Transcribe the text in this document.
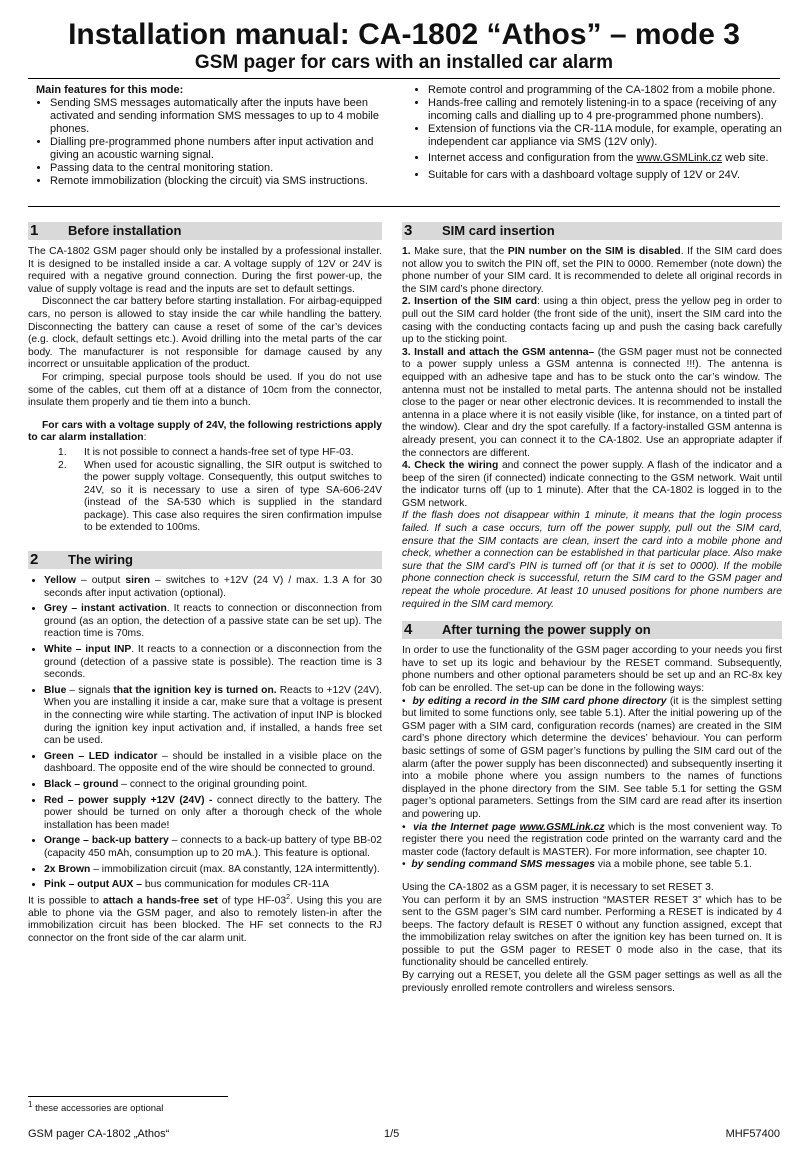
Installation manual: CA-1802 “Athos” – mode 3
GSM pager for cars with an installed car alarm
Main features for this mode:
• Sending SMS messages automatically after the inputs have been activated and sending information SMS messages to up to 4 mobile phones.
• Dialling pre-programmed phone numbers after input activation and giving an acoustic warning signal.
• Passing data to the central monitoring station.
• Remote immobilization (blocking the circuit) via SMS instructions.
• Remote control and programming of the CA-1802 from a mobile phone.
• Hands-free calling and remotely listening-in to a space (receiving of any incoming calls and dialling up to 4 pre-programmed phone numbers).
• Extension of functions via the CR-11A module, for example, operating an independent car appliance via SMS (12V only).
• Internet access and configuration from the www.GSMLink.cz web site.
• Suitable for cars with a dashboard voltage supply of 12V or 24V.
1 Before installation

The CA-1802 GSM pager should only be installed by a professional installer. It is designed to be installed inside a car. A voltage supply of 12V or 24V is required with a negative ground connection. During the first power-up, the value of supply voltage is read and the inputs are set to default settings.

Disconnect the car battery before starting installation. For airbag-equipped cars, no person is allowed to stay inside the car while handling the battery. Disconnecting the battery can cause a reset of some of the car’s devices (e.g. clock, default settings etc.). Avoid drilling into the metal parts of the car body. The manufacturer is not responsible for damage caused by any incorrect or unsuitable application of the product.

For crimping, special purpose tools should be used. If you do not use some of the cables, cut them off at a distance of 10cm from the connector, insulate them properly and tie them into a bunch.

For cars with a voltage supply of 24V, the following restrictions apply to car alarm installation:

1. It is not possible to connect a hands-free set of type HF-03.
2. When used for acoustic signalling, the SIR output is switched to the power supply voltage. Consequently, this output switches to 24V, so it is necessary to use a siren of type SA-606-24V (instead of the SA-530 which is supplied in the standard package). This case also requires the siren confirmation impulse to be extended to 100ms.
2 The wiring
• Yellow – output siren – switches to +12V (24 V) / max. 1.3 A for 30 seconds after input activation (optional).
• Grey – instant activation. It reacts to connection or disconnection from ground (as an option, the detection of a passive state can be set up). The reaction time is 70ms.
• White – input INP. It reacts to a connection or a disconnection from the ground (detection of a passive state is possible). The reaction time is 3 seconds.
• Blue – signals that the ignition key is turned on. Reacts to +12V (24V). When you are installing it inside a car, make sure that a voltage is present in the connecting wire while starting. The activation of input INP is blocked during the ignition key input activation and, if installed, a hands free set can be used.
• Green – LED indicator – should be installed in a visible place on the dashboard. The opposite end of the wire should be connected to ground.
• Black – ground – connect to the original grounding point.
• Red – power supply +12V (24V) - connect directly to the battery. The power should be turned on only after a thorough check of the whole installation has been made!
• Orange – back-up battery – connects to a back-up battery of type BB-02 (capacity 450 mAh, consumption up to 20 mA.). This feature is optional.
• 2x Brown – immobilization circuit (max. 8A constantly, 12A intermittently).
• Pink – output AUX – bus communication for modules CR-11A

It is possible to attach a hands-free set of type $HF-03^2$. Using this you are able to phone via the GSM pager, and also to remotely listen-in after the immobilization circuit has been blocked. The HF set connects to the RJ connector on the front side of the car alarm unit.

3 SIM card insertion

1. Make sure, that the PIN number on the SIM is disabled. If the SIM card does not allow you to switch the PIN off, set the PIN to 0000. Remember (note down) the phone number of your SIM card. It is recommended to delete all original records in the SIM card’s phone directory.

2. Insertion of the SIM card: using a thin object, press the yellow peg in order to pull out the SIM card holder (the front side of the unit), insert the SIM card into the casing with the conducting contacts facing up and push the casing back carefully up to the sticking point.

3. Install and attach the GSM antenna– (the GSM pager must not be connected to a power supply unless a GSM antenna is connected !!!). The antenna is equipped with an adhesive tape and has to be stuck onto the car’s window. The antenna must not be installed to metal parts. The antenna should not be installed close to the pager or near other electronic devices. It is recommended to install the antenna in a place where it is not easily visible (like, for instance, on a tinted part of the window). Clear and dry the spot carefully. If a factory-installed GSM antenna is already present, you can connect it to the CA-1802. Use an appropriate adapter if the connectors are different.

4. Check the wiring and connect the power supply. A flash of the indicator and a beep of the siren (if connected) indicate connecting to the GSM network. Wait until the indicator turns off (up to 1 minute). After that the CA-1802 is logged in to the GSM network.

If the flash does not disappear within 1 minute, it means that the login process failed. If such a case occurs, turn off the power supply, pull out the SIM card, ensure that the SIM contacts are clean, insert the card into a mobile phone and check, whether a connection can be established in that particular place. Also make sure that the SIM card’s PIN is turned off (or that it is set to 0000). If the mobile phone connection check is successful, return the SIM card to the GSM pager and repeat the whole procedure. At least 10 unused positions for phone numbers are required in the SIM card memory.

4 After turning the power supply on

In order to use the functionality of the GSM pager according to your needs you first have to set up its logic and behaviour by the RESET command. Subsequently, phone numbers and other optional parameters should be set up and an RC-8x key fob can be enrolled. The set-up can be done in the following ways:

•  by editing a record in the SIM card phone directory (it is the simplest setting but limited to some functions only, see table 5.1). After the initial powering up of the GSM pager with a SIM card, configuration records (names) are created in the SIM card’s phone directory which determine the devices’ behaviour. You can perform basic settings of some of GSM pager’s functions by pulling the SIM card out of the alarm (after the power supply has been disconnected) and subsequently inserting it into a mobile phone where you assign numbers to the names of functions displayed in the phone directory from the SIM. See table 5.1 for setting the GSM pager’s optional parameters. Settings from the SIM card are read after its insertion and powering up.

•  via the Internet page www.GSMLink.cz which is the most convenient way. To register there you need the registration code printed on the warranty card and the master code (factory default is MASTER). For more information, see chapter 10.

•  by sending command SMS messages via a mobile phone, see table 5.1.

Using the CA-1802 as a GSM pager, it is necessary to set RESET 3.

You can perform it by an SMS instruction “MASTER RESET 3” which has to be sent to the GSM pager’s SIM card number. Performing a RESET is indicated by 4 beeps. The factory default is RESET 0 without any function assigned, except that the immobilization relay switches on after the ignition key has been turned on. It is possible to put the GSM pager to RESET 0 mode also in the case, that its functionality should be cancelled entirely.

By carrying out a RESET, you delete all the GSM pager settings as well as all the previously enrolled remote controllers and wireless sensors.

$^1$ these accessories are optional
GSM pager CA-1802 „Athos“	1/5	MHF57400
